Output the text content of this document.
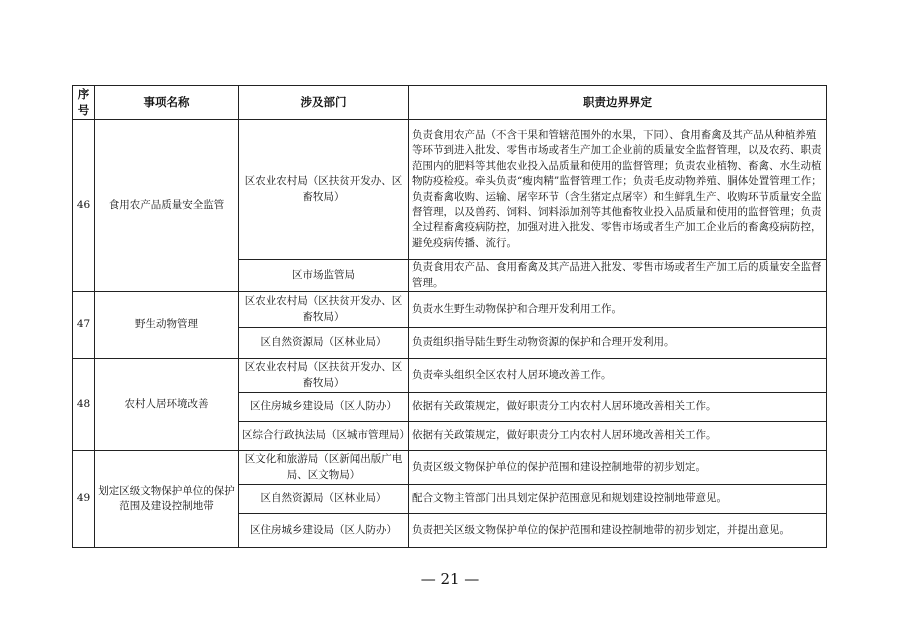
序号	事项名称	涉及部门	职责边界界定
46	食用农产品质量安全监管	区农业农村局（区扶贫开发办、区畜牧局）	负责食用农产品（不含干果和管辖范围外的水果，下同）、食用畜禽及其产品从种植养殖等环节到进入批发、零售市场或者生产加工企业前的质量安全监督管理，以及农药、职责范围内的肥料等其他农业投入品质量和使用的监督管理；负责农业植物、畜禽、水生动植物防疫检疫。牵头负责“瘦肉精”监督管理工作；负责毛皮动物养殖、胴体处置管理工作；负责畜禽收购、运输、屠宰环节（含生猪定点屠宰）和生鲜乳生产、收购环节质量安全监督管理，以及兽药、饲料、饲料添加剂等其他畜牧业投入品质量和使用的监督管理；负责全过程畜禽疫病防控，加强对进入批发、零售市场或者生产加工企业后的畜禽疫病防控，避免疫病传播、流行。
		区市场监管局	负责食用农产品、食用畜禽及其产品进入批发、零售市场或者生产加工后的质量安全监督管理。
47	野生动物管理	区农业农村局（区扶贫开发办、区畜牧局）	负责水生野生动物保护和合理开发利用工作。
		区自然资源局（区林业局）	负责组织指导陆生野生动物资源的保护和合理开发利用。
48	农村人居环境改善	区农业农村局（区扶贫开发办、区畜牧局）	负责牵头组织全区农村人居环境改善工作。
		区住房城乡建设局（区人防办）	依据有关政策规定，做好职责分工内农村人居环境改善相关工作。
		区综合行政执法局（区城市管理局）	依据有关政策规定，做好职责分工内农村人居环境改善相关工作。
49	划定区级文物保护单位的保护范围及建设控制地带	区文化和旅游局（区新闻出版广电局、区文物局）	负责区级文物保护单位的保护范围和建设控制地带的初步划定。
		区自然资源局（区林业局）	配合文物主管部门出具划定保护范围意见和规划建设控制地带意见。
		区住房城乡建设局（区人防办）	负责把关区级文物保护单位的保护范围和建设控制地带的初步划定，并提出意见。
— 21 —
